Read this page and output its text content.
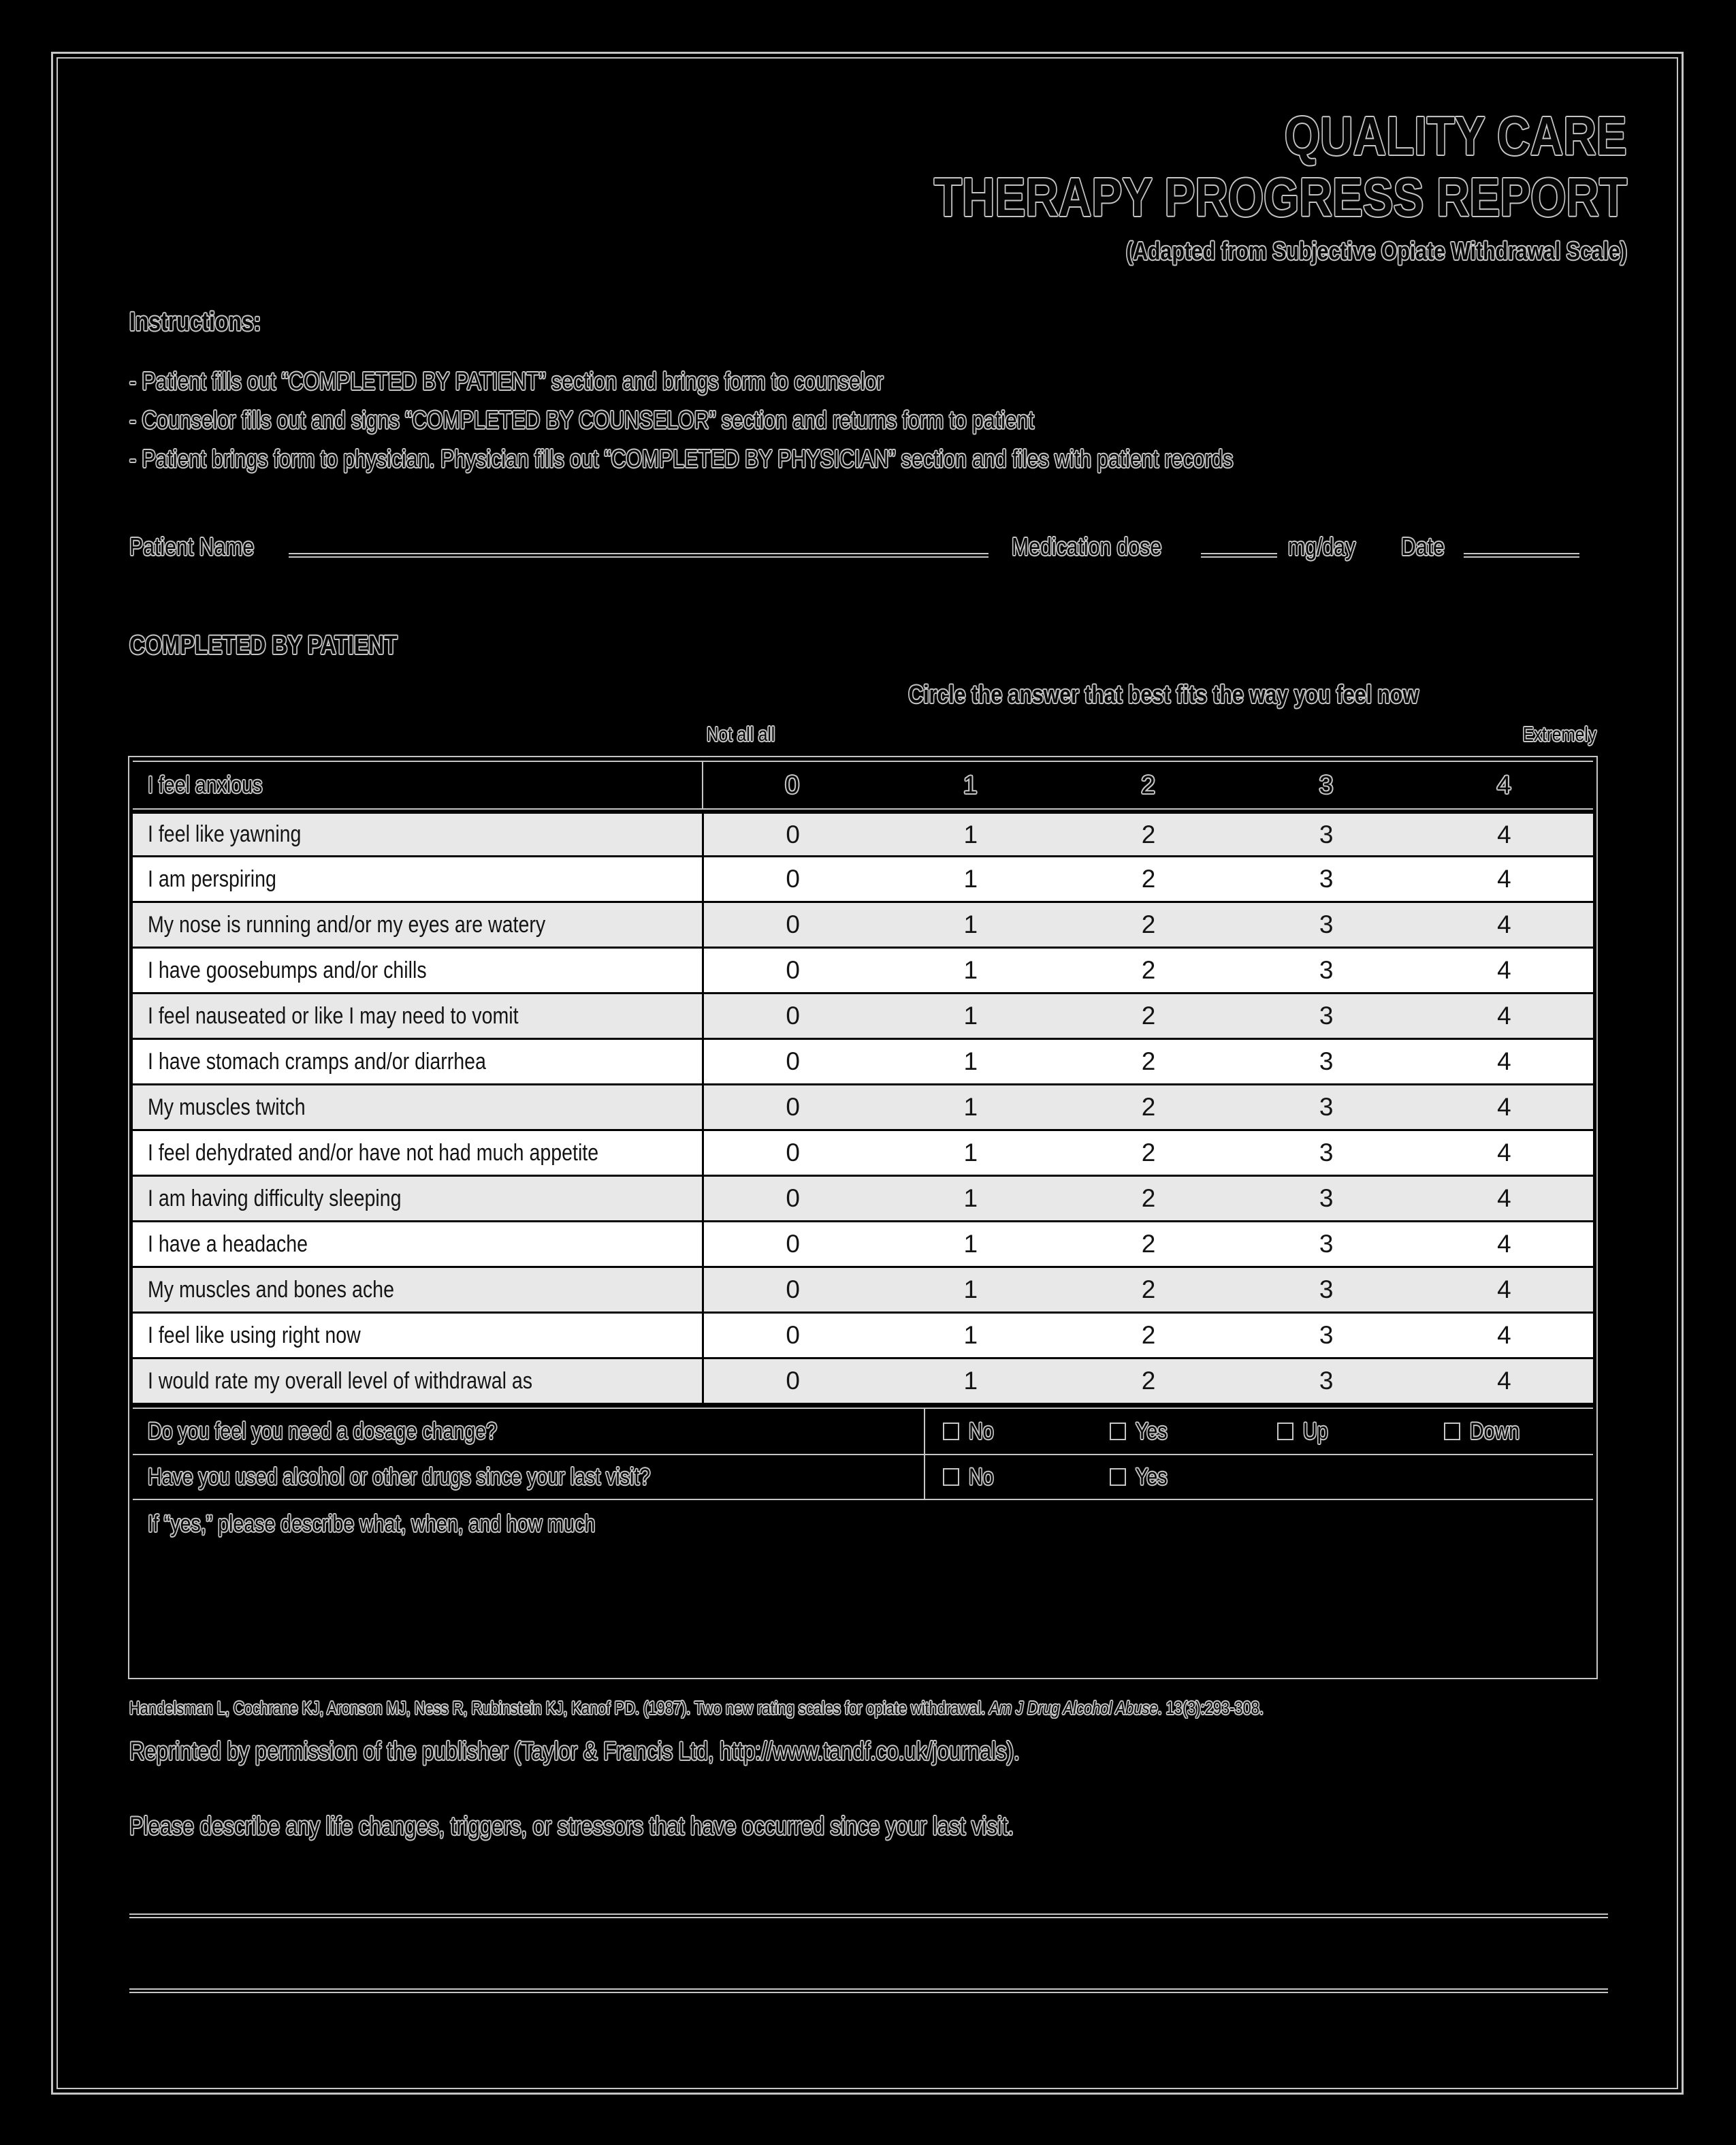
QUALITY CARE
THERAPY PROGRESS REPORT
(Adapted from Subjective Opiate Withdrawal Scale)
Instructions:
- Patient fills out “COMPLETED BY PATIENT” section and brings form to counselor
- Counselor fills out and signs “COMPLETED BY COUNSELOR” section and returns form to patient
- Patient brings form to physician. Physician fills out “COMPLETED BY PHYSICIAN” section and files with patient records
Patient Name	Medication dose	mg/day	Date
COMPLETED BY PATIENT
Circle the answer that best fits the way you feel now
Not all all	Extremely
I feel anxious	0	1	2	3	4
I feel like yawning	0	1	2	3	4
I am perspiring	0	1	2	3	4
My nose is running and/or my eyes are watery	0	1	2	3	4
I have goosebumps and/or chills	0	1	2	3	4
I feel nauseated or like I may need to vomit	0	1	2	3	4
I have stomach cramps and/or diarrhea	0	1	2	3	4
My muscles twitch	0	1	2	3	4
I feel dehydrated and/or have not had much appetite	0	1	2	3	4
I am having difficulty sleeping	0	1	2	3	4
I have a headache	0	1	2	3	4
My muscles and bones ache	0	1	2	3	4
I feel like using right now	0	1	2	3	4
I would rate my overall level of withdrawal as	0	1	2	3	4
Do you feel you need a dosage change?	No	Yes	Up	Down
Have you used alcohol or other drugs since your last visit?	No	Yes
If “yes,” please describe what, when, and how much
Handelsman L, Cochrane KJ, Aronson MJ, Ness R, Rubinstein KJ, Kanof PD. (1987). Two new rating scales for opiate withdrawal. Am J Drug Alcohol Abuse. 13(3):293-308.
Reprinted by permission of the publisher (Taylor & Francis Ltd, http://www.tandf.co.uk/journals).
Please describe any life changes, triggers, or stressors that have occurred since your last visit.
